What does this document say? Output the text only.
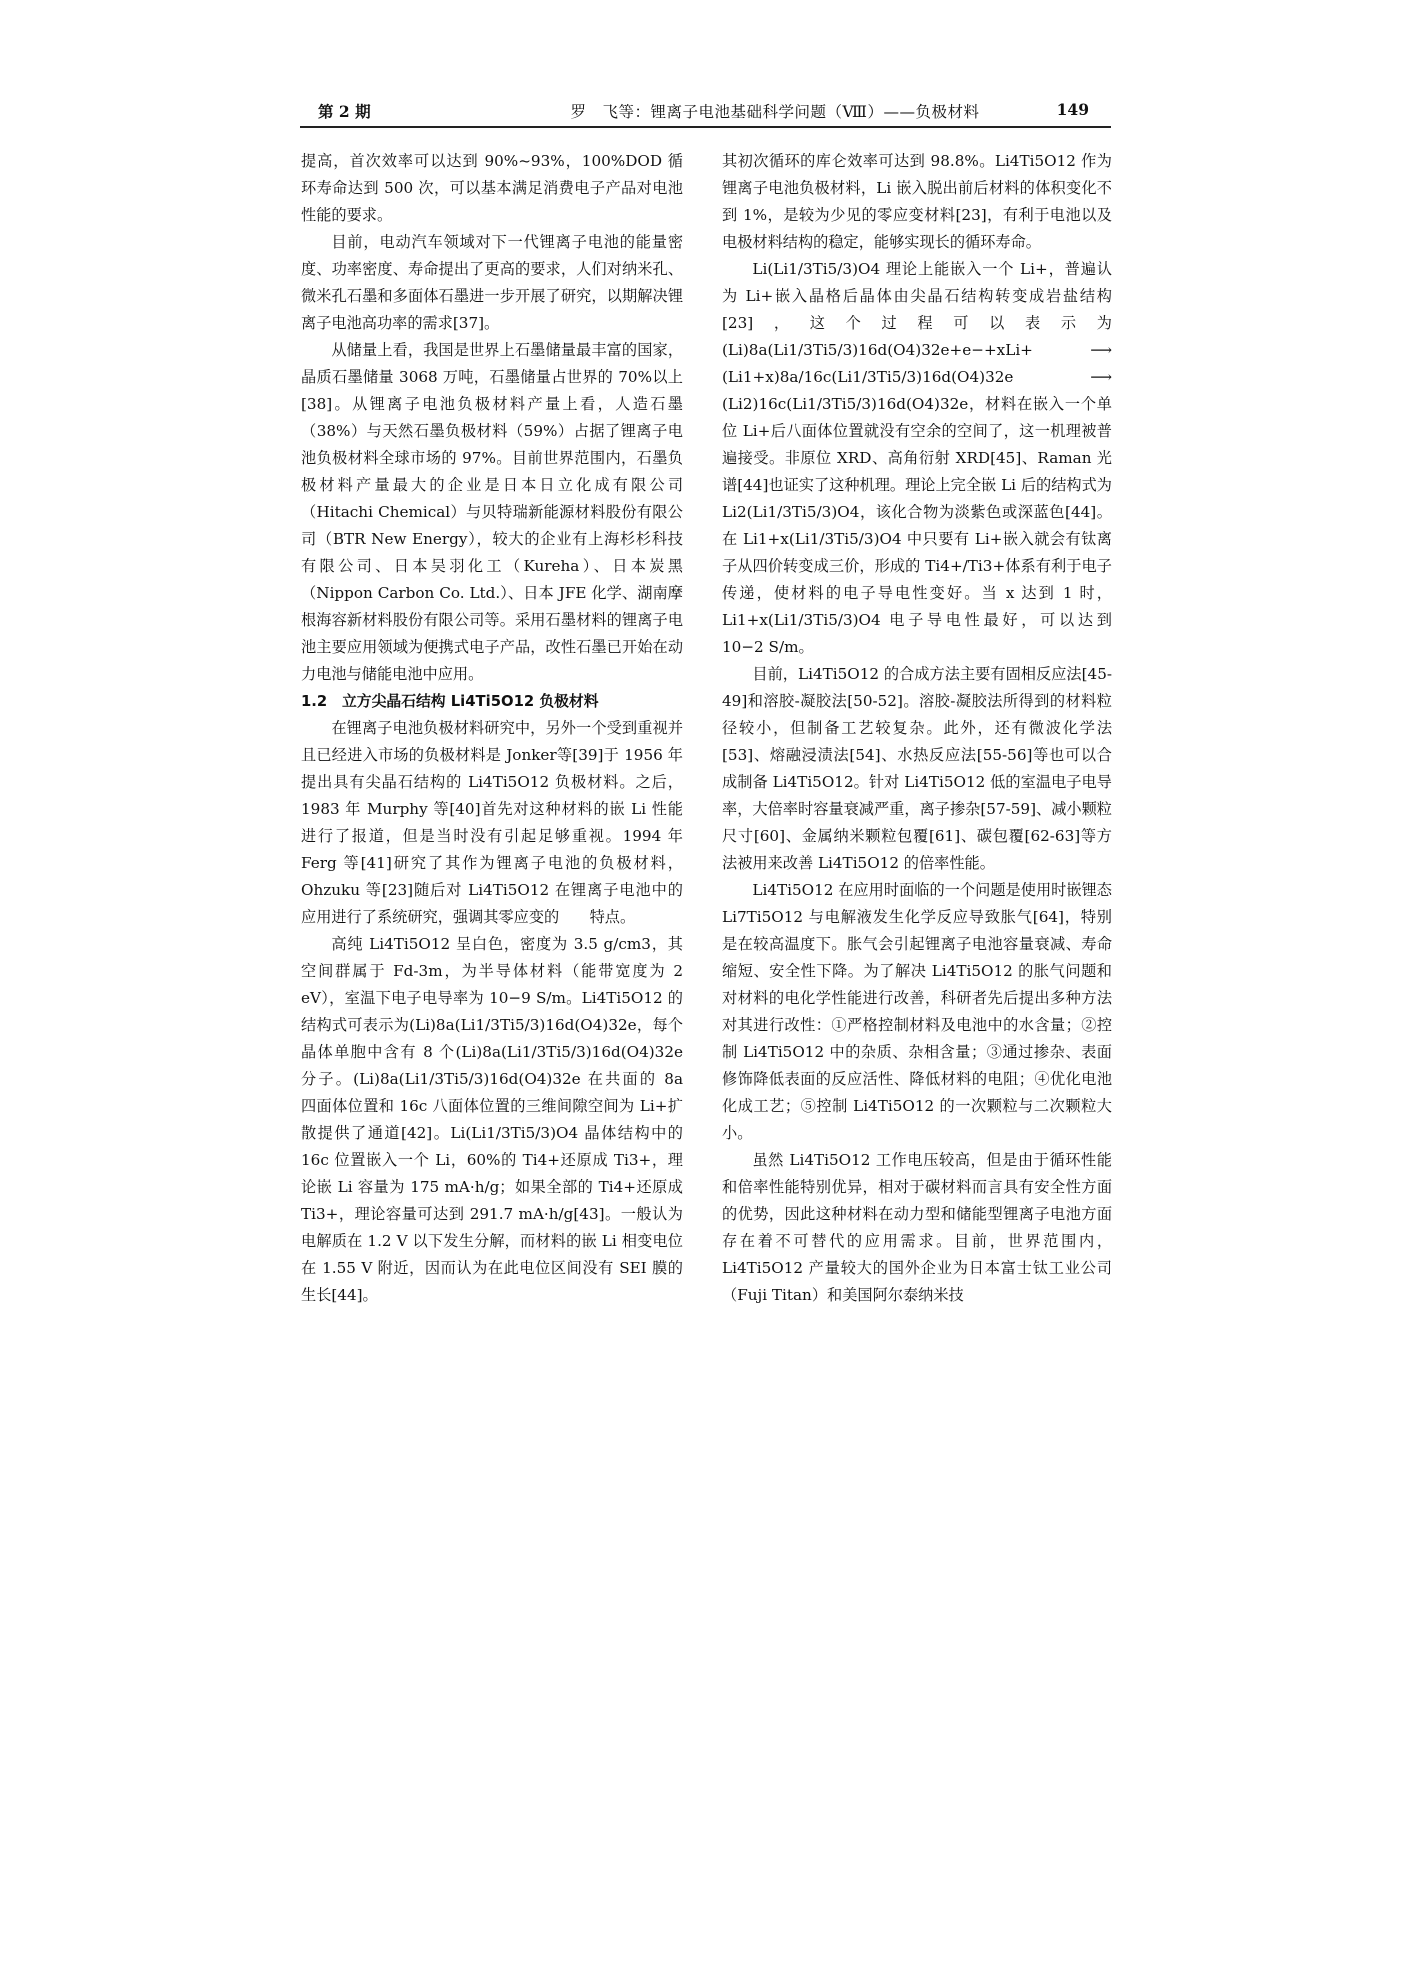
第 2 期	罗　飞等：锂离子电池基础科学问题（Ⅷ）——负极材料	149

提高，首次效率可以达到 90%~93%，100%DOD 循环寿命达到 500 次，可以基本满足消费电子产品对电池性能的要求。

目前，电动汽车领域对下一代锂离子电池的能量密度、功率密度、寿命提出了更高的要求，人们对纳米孔、微米孔石墨和多面体石墨进一步开展了研究，以期解决锂离子电池高功率的需求[37]。

从储量上看，我国是世界上石墨储量最丰富的国家，晶质石墨储量 3068 万吨，石墨储量占世界的 70%以上[38]。从锂离子电池负极材料产量上看，人造石墨（38%）与天然石墨负极材料（59%）占据了锂离子电池负极材料全球市场的 97%。目前世界范围内，石墨负极材料产量最大的企业是日本日立化成有限公司（Hitachi Chemical）与贝特瑞新能源材料股份有限公司（BTR New Energy），较大的企业有上海杉杉科技有限公司、日本吴羽化工（Kureha）、日本炭黑（Nippon Carbon Co. Ltd.）、日本 JFE 化学、湖南摩根海容新材料股份有限公司等。采用石墨材料的锂离子电池主要应用领域为便携式电子产品，改性石墨已开始在动力电池与储能电池中应用。

1.2　立方尖晶石结构 Li4Ti5O12 负极材料

在锂离子电池负极材料研究中，另外一个受到重视并且已经进入市场的负极材料是 Jonker等[39]于 1956 年提出具有尖晶石结构的 Li4Ti5O12 负极材料。之后，1983 年 Murphy 等[40]首先对这种材料的嵌 Li 性能进行了报道，但是当时没有引起足够重视。1994 年 Ferg 等[41]研究了其作为锂离子电池的负极材料，Ohzuku 等[23]随后对 Li4Ti5O12 在锂离子电池中的应用进行了系统研究，强调其零应变的　　特点。

高纯 Li4Ti5O12 呈白色，密度为 3.5 g/cm3，其空间群属于 Fd-3m，为半导体材料（能带宽度为 2 eV），室温下电子电导率为 10−9 S/m。Li4Ti5O12 的结构式可表示为(Li)8a(Li1/3Ti5/3)16d(O4)32e，每个晶体单胞中含有 8 个(Li)8a(Li1/3Ti5/3)16d(O4)32e 分子。(Li)8a(Li1/3Ti5/3)16d(O4)32e 在共面的 8a 四面体位置和 16c 八面体位置的三维间隙空间为 Li+扩散提供了通道[42]。Li(Li1/3Ti5/3)O4 晶体结构中的 16c 位置嵌入一个 Li，60%的 Ti4+还原成 Ti3+，理论嵌 Li 容量为 175 mA·h/g；如果全部的 Ti4+还原成 Ti3+，理论容量可达到 291.7 mA·h/g[43]。一般认为电解质在 1.2 V 以下发生分解，而材料的嵌 Li 相变电位在 1.55 V 附近，因而认为在此电位区间没有 SEI 膜的生长[44]。

其初次循环的库仑效率可达到 98.8%。Li4Ti5O12 作为锂离子电池负极材料，Li 嵌入脱出前后材料的体积变化不到 1%，是较为少见的零应变材料[23]，有利于电池以及电极材料结构的稳定，能够实现长的循环寿命。

Li(Li1/3Ti5/3)O4 理论上能嵌入一个 Li+，普遍认为 Li+嵌入晶格后晶体由尖晶石结构转变成岩盐结构[23]，这个过程可以表示为 (Li)8a(Li1/3Ti5/3)16d(O4)32e+e−+xLi+ ⟶ (Li1+x)8a/16c(Li1/3Ti5/3)16d(O4)32e ⟶ (Li2)16c(Li1/3Ti5/3)16d(O4)32e，材料在嵌入一个单位 Li+后八面体位置就没有空余的空间了，这一机理被普遍接受。非原位 XRD、高角衍射 XRD[45]、Raman 光谱[44]也证实了这种机理。理论上完全嵌 Li 后的结构式为 Li2(Li1/3Ti5/3)O4，该化合物为淡紫色或深蓝色[44]。在 Li1+x(Li1/3Ti5/3)O4 中只要有 Li+嵌入就会有钛离子从四价转变成三价，形成的 Ti4+/Ti3+体系有利于电子传递，使材料的电子导电性变好。当 x 达到 1 时，Li1+x(Li1/3Ti5/3)O4 电子导电性最好，可以达到 10−2 S/m。

目前，Li4Ti5O12 的合成方法主要有固相反应法[45-49]和溶胶-凝胶法[50-52]。溶胶-凝胶法所得到的材料粒径较小，但制备工艺较复杂。此外，还有微波化学法[53]、熔融浸渍法[54]、水热反应法[55-56]等也可以合成制备 Li4Ti5O12。针对 Li4Ti5O12 低的室温电子电导率，大倍率时容量衰减严重，离子掺杂[57-59]、减小颗粒尺寸[60]、金属纳米颗粒包覆[61]、碳包覆[62-63]等方法被用来改善 Li4Ti5O12 的倍率性能。

Li4Ti5O12 在应用时面临的一个问题是使用时嵌锂态 Li7Ti5O12 与电解液发生化学反应导致胀气[64]，特别是在较高温度下。胀气会引起锂离子电池容量衰减、寿命缩短、安全性下降。为了解决 Li4Ti5O12 的胀气问题和对材料的电化学性能进行改善，科研者先后提出多种方法对其进行改性：①严格控制材料及电池中的水含量；②控制 Li4Ti5O12 中的杂质、杂相含量；③通过掺杂、表面修饰降低表面的反应活性、降低材料的电阻；④优化电池化成工艺；⑤控制 Li4Ti5O12 的一次颗粒与二次颗粒大小。

虽然 Li4Ti5O12 工作电压较高，但是由于循环性能和倍率性能特别优异，相对于碳材料而言具有安全性方面的优势，因此这种材料在动力型和储能型锂离子电池方面存在着不可替代的应用需求。目前，世界范围内，Li4Ti5O12 产量较大的国外企业为日本富士钛工业公司（Fuji Titan）和美国阿尔泰纳米技
